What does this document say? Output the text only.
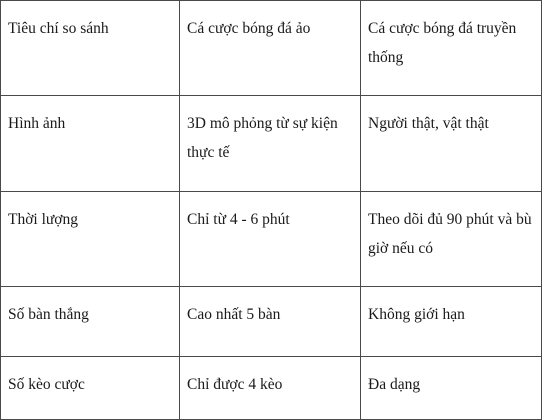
Tiêu chí so sánh	Cá cược bóng đá ảo	Cá cược bóng đá truyền thống
Hình ảnh	3D mô phỏng từ sự kiện thực tế	Người thật, vật thật
Thời lượng	Chỉ từ 4 - 6 phút	Theo dõi đủ 90 phút và bù giờ nếu có
Số bàn thắng	Cao nhất 5 bàn	Không giới hạn
Số kèo cược	Chỉ được 4 kèo	Đa dạng
